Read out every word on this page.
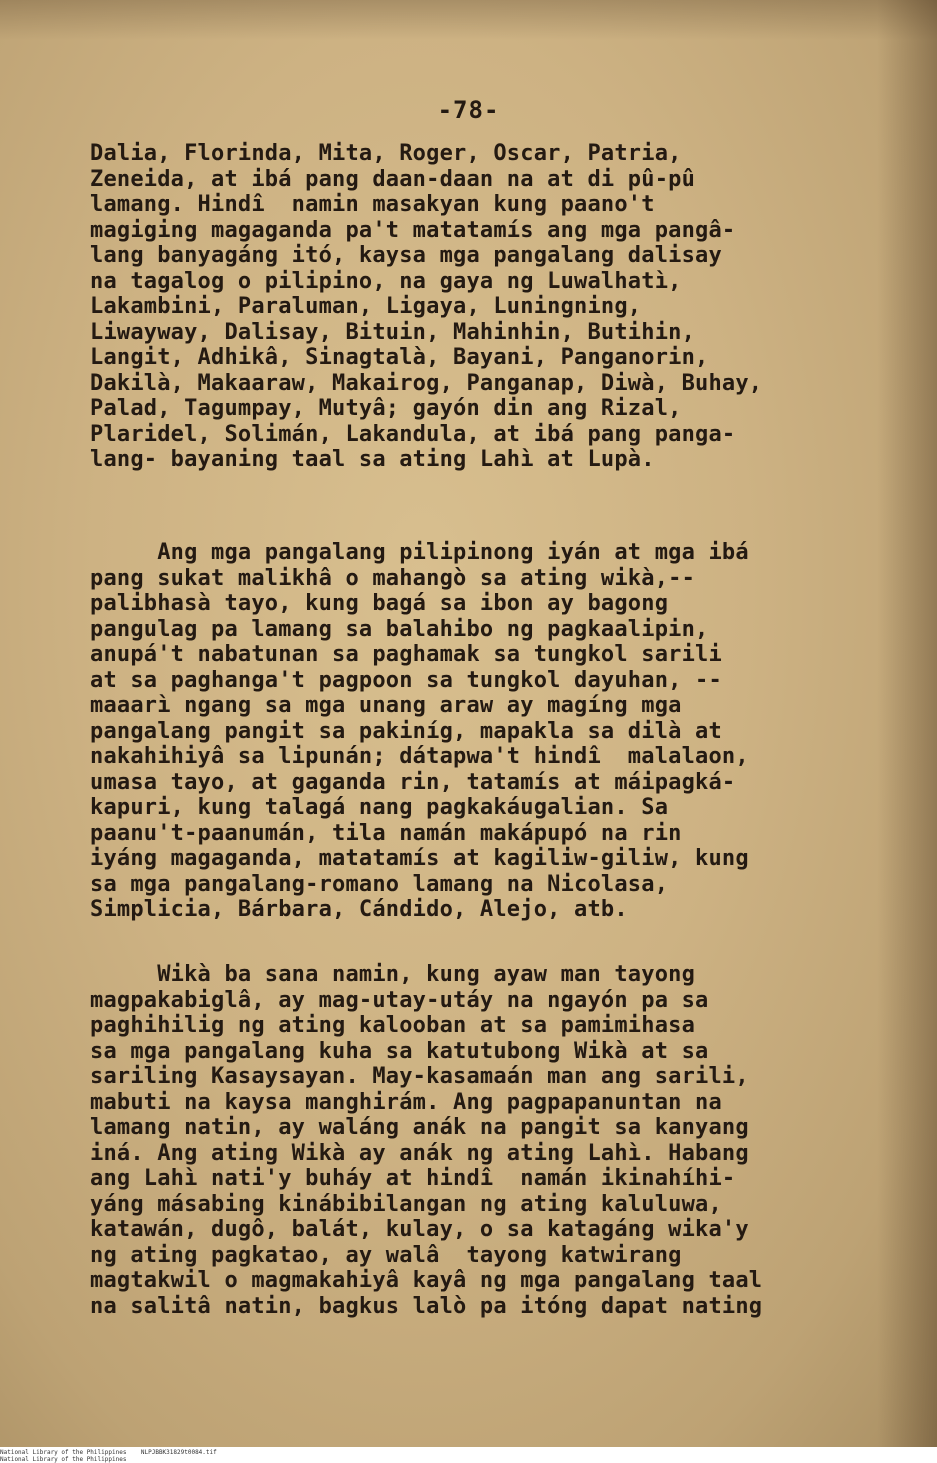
-78-
Dalia, Florinda, Mita, Roger, Oscar, Patria,
Zeneida, at ibá pang daan-daan na at di pû-pû
lamang. Hindî  namin masakyan kung paano't
magiging magaganda pa't matatamís ang mga pangâ-
lang banyagáng itó, kaysa mga pangalang dalisay
na tagalog o pilipino, na gaya ng Luwalhatì,
Lakambini, Paraluman, Ligaya, Luningning,
Liwayway, Dalisay, Bituin, Mahinhin, Butihin,
Langit, Adhikâ, Sinagtalà, Bayani, Panganorin,
Dakilà, Makaaraw, Makairog, Panganap, Diwà, Buhay,
Palad, Tagumpay, Mutyâ; gayón din ang Rizal,
Plaridel, Solimán, Lakandula, at ibá pang panga-
lang- bayaning taal sa ating Lahì at Lupà.
Ang mga pangalang pilipinong iyán at mga ibá
pang sukat malikhâ o mahangò sa ating wikà,--
palibhasà tayo, kung bagá sa ibon ay bagong
pangulag pa lamang sa balahibo ng pagkaalipin,
anupá't nabatunan sa paghamak sa tungkol sarili
at sa paghanga't pagpoon sa tungkol dayuhan, --
maaarì ngang sa mga unang araw ay magíng mga
pangalang pangit sa pakiníg, mapakla sa dilà at
nakahihiyâ sa lipunán; dátapwa't hindî  malalaon,
umasa tayo, at gaganda rin, tatamís at máipagká-
kapuri, kung talagá nang pagkakáugalian. Sa
paanu't-paanumán, tila namán makápupó na rin
iyáng magaganda, matatamís at kagiliw-giliw, kung
sa mga pangalang-romano lamang na Nicolasa,
Simplicia, Bárbara, Cándido, Alejo, atb.
Wikà ba sana namin, kung ayaw man tayong
magpakabiglâ, ay mag-utay-utáy na ngayón pa sa
paghihilig ng ating kalooban at sa pamimihasa
sa mga pangalang kuha sa katutubong Wikà at sa
sariling Kasaysayan. May-kasamaán man ang sarili,
mabuti na kaysa manghirám. Ang pagpapanuntan na
lamang natin, ay waláng anák na pangit sa kanyang
iná. Ang ating Wikà ay anák ng ating Lahì. Habang
ang Lahì nati'y buháy at hindî  namán ikinahíhi-
yáng másabing kinábibilangan ng ating kaluluwa,
katawán, dugô, balát, kulay, o sa katagáng wika'y
ng ating pagkatao, ay walâ  tayong katwirang
magtakwil o magmakahiyâ kayâ ng mga pangalang taal
na salitâ natin, bagkus lalò pa itóng dapat nating
National Library of the Philippines    NLPJBBK31829t0084.tif
National Library of the Philippines
